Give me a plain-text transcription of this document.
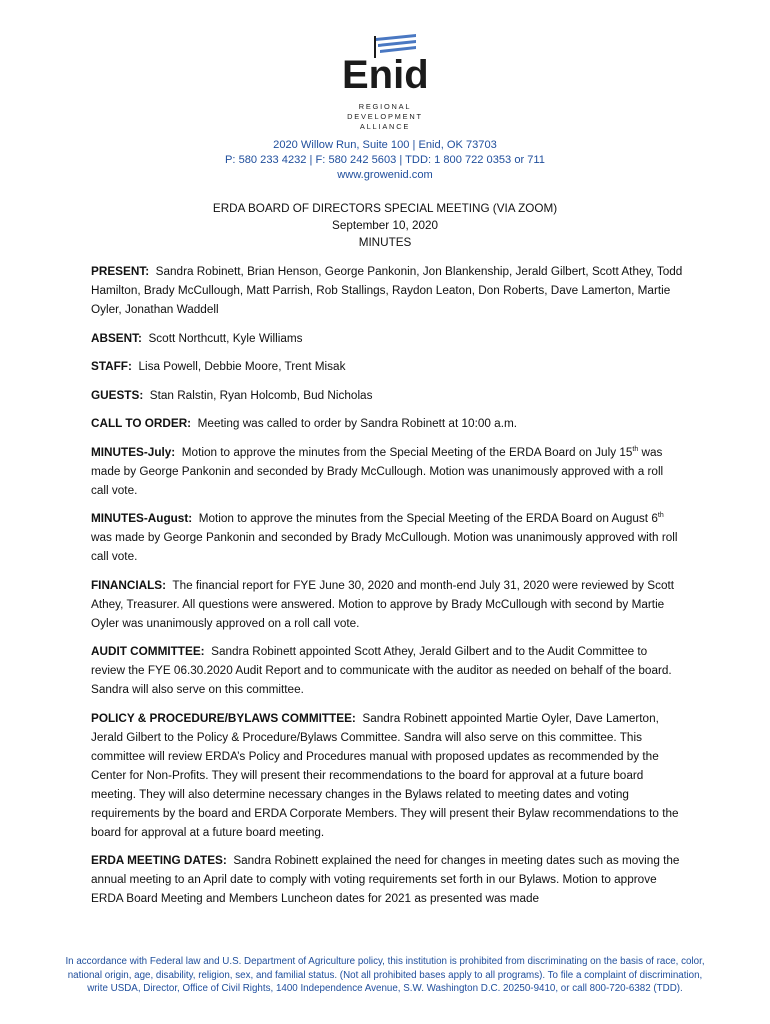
Enid
REGIONAL
DEVELOPMENT
ALLIANCE
2020 Willow Run, Suite 100 | Enid, OK 73703
P: 580 233 4232 | F: 580 242 5603 | TDD: 1 800 722 0353 or 711
www.growenid.com
ERDA BOARD OF DIRECTORS SPECIAL MEETING (VIA ZOOM)
September 10, 2020
MINUTES

PRESENT: Sandra Robinett, Brian Henson, George Pankonin, Jon Blankenship, Jerald Gilbert, Scott Athey, Todd Hamilton, Brady McCullough, Matt Parrish, Rob Stallings, Raydon Leaton, Don Roberts, Dave Lamerton, Martie Oyler, Jonathan Waddell

ABSENT: Scott Northcutt, Kyle Williams

STAFF: Lisa Powell, Debbie Moore, Trent Misak

GUESTS: Stan Ralstin, Ryan Holcomb, Bud Nicholas

CALL TO ORDER: Meeting was called to order by Sandra Robinett at 10:00 a.m.

MINUTES-July: Motion to approve the minutes from the Special Meeting of the ERDA Board on July 15th was made by George Pankonin and seconded by Brady McCullough. Motion was unanimously approved with a roll call vote.

MINUTES-August: Motion to approve the minutes from the Special Meeting of the ERDA Board on August 6th was made by George Pankonin and seconded by Brady McCullough. Motion was unanimously approved with roll call vote.

FINANCIALS: The financial report for FYE June 30, 2020 and month-end July 31, 2020 were reviewed by Scott Athey, Treasurer. All questions were answered. Motion to approve by Brady McCullough with second by Martie Oyler was unanimously approved on a roll call vote.

AUDIT COMMITTEE: Sandra Robinett appointed Scott Athey, Jerald Gilbert and to the Audit Committee to review the FYE 06.30.2020 Audit Report and to communicate with the auditor as needed on behalf of the board. Sandra will also serve on this committee.

POLICY & PROCEDURE/BYLAWS COMMITTEE: Sandra Robinett appointed Martie Oyler, Dave Lamerton, Jerald Gilbert to the Policy & Procedure/Bylaws Committee. Sandra will also serve on this committee. This committee will review ERDA’s Policy and Procedures manual with proposed updates as recommended by the Center for Non-Profits. They will present their recommendations to the board for approval at a future board meeting. They will also determine necessary changes in the Bylaws related to meeting dates and voting requirements by the board and ERDA Corporate Members. They will present their Bylaw recommendations to the board for approval at a future board meeting.

ERDA MEETING DATES: Sandra Robinett explained the need for changes in meeting dates such as moving the annual meeting to an April date to comply with voting requirements set forth in our Bylaws. Motion to approve ERDA Board Meeting and Members Luncheon dates for 2021 as presented was made

In accordance with Federal law and U.S. Department of Agriculture policy, this institution is prohibited from discriminating on the basis of race, color, national origin, age, disability, religion, sex, and familial status. (Not all prohibited bases apply to all programs). To file a complaint of discrimination, write USDA, Director, Office of Civil Rights, 1400 Independence Avenue, S.W. Washington D.C. 20250-9410, or call 800-720-6382 (TDD).
